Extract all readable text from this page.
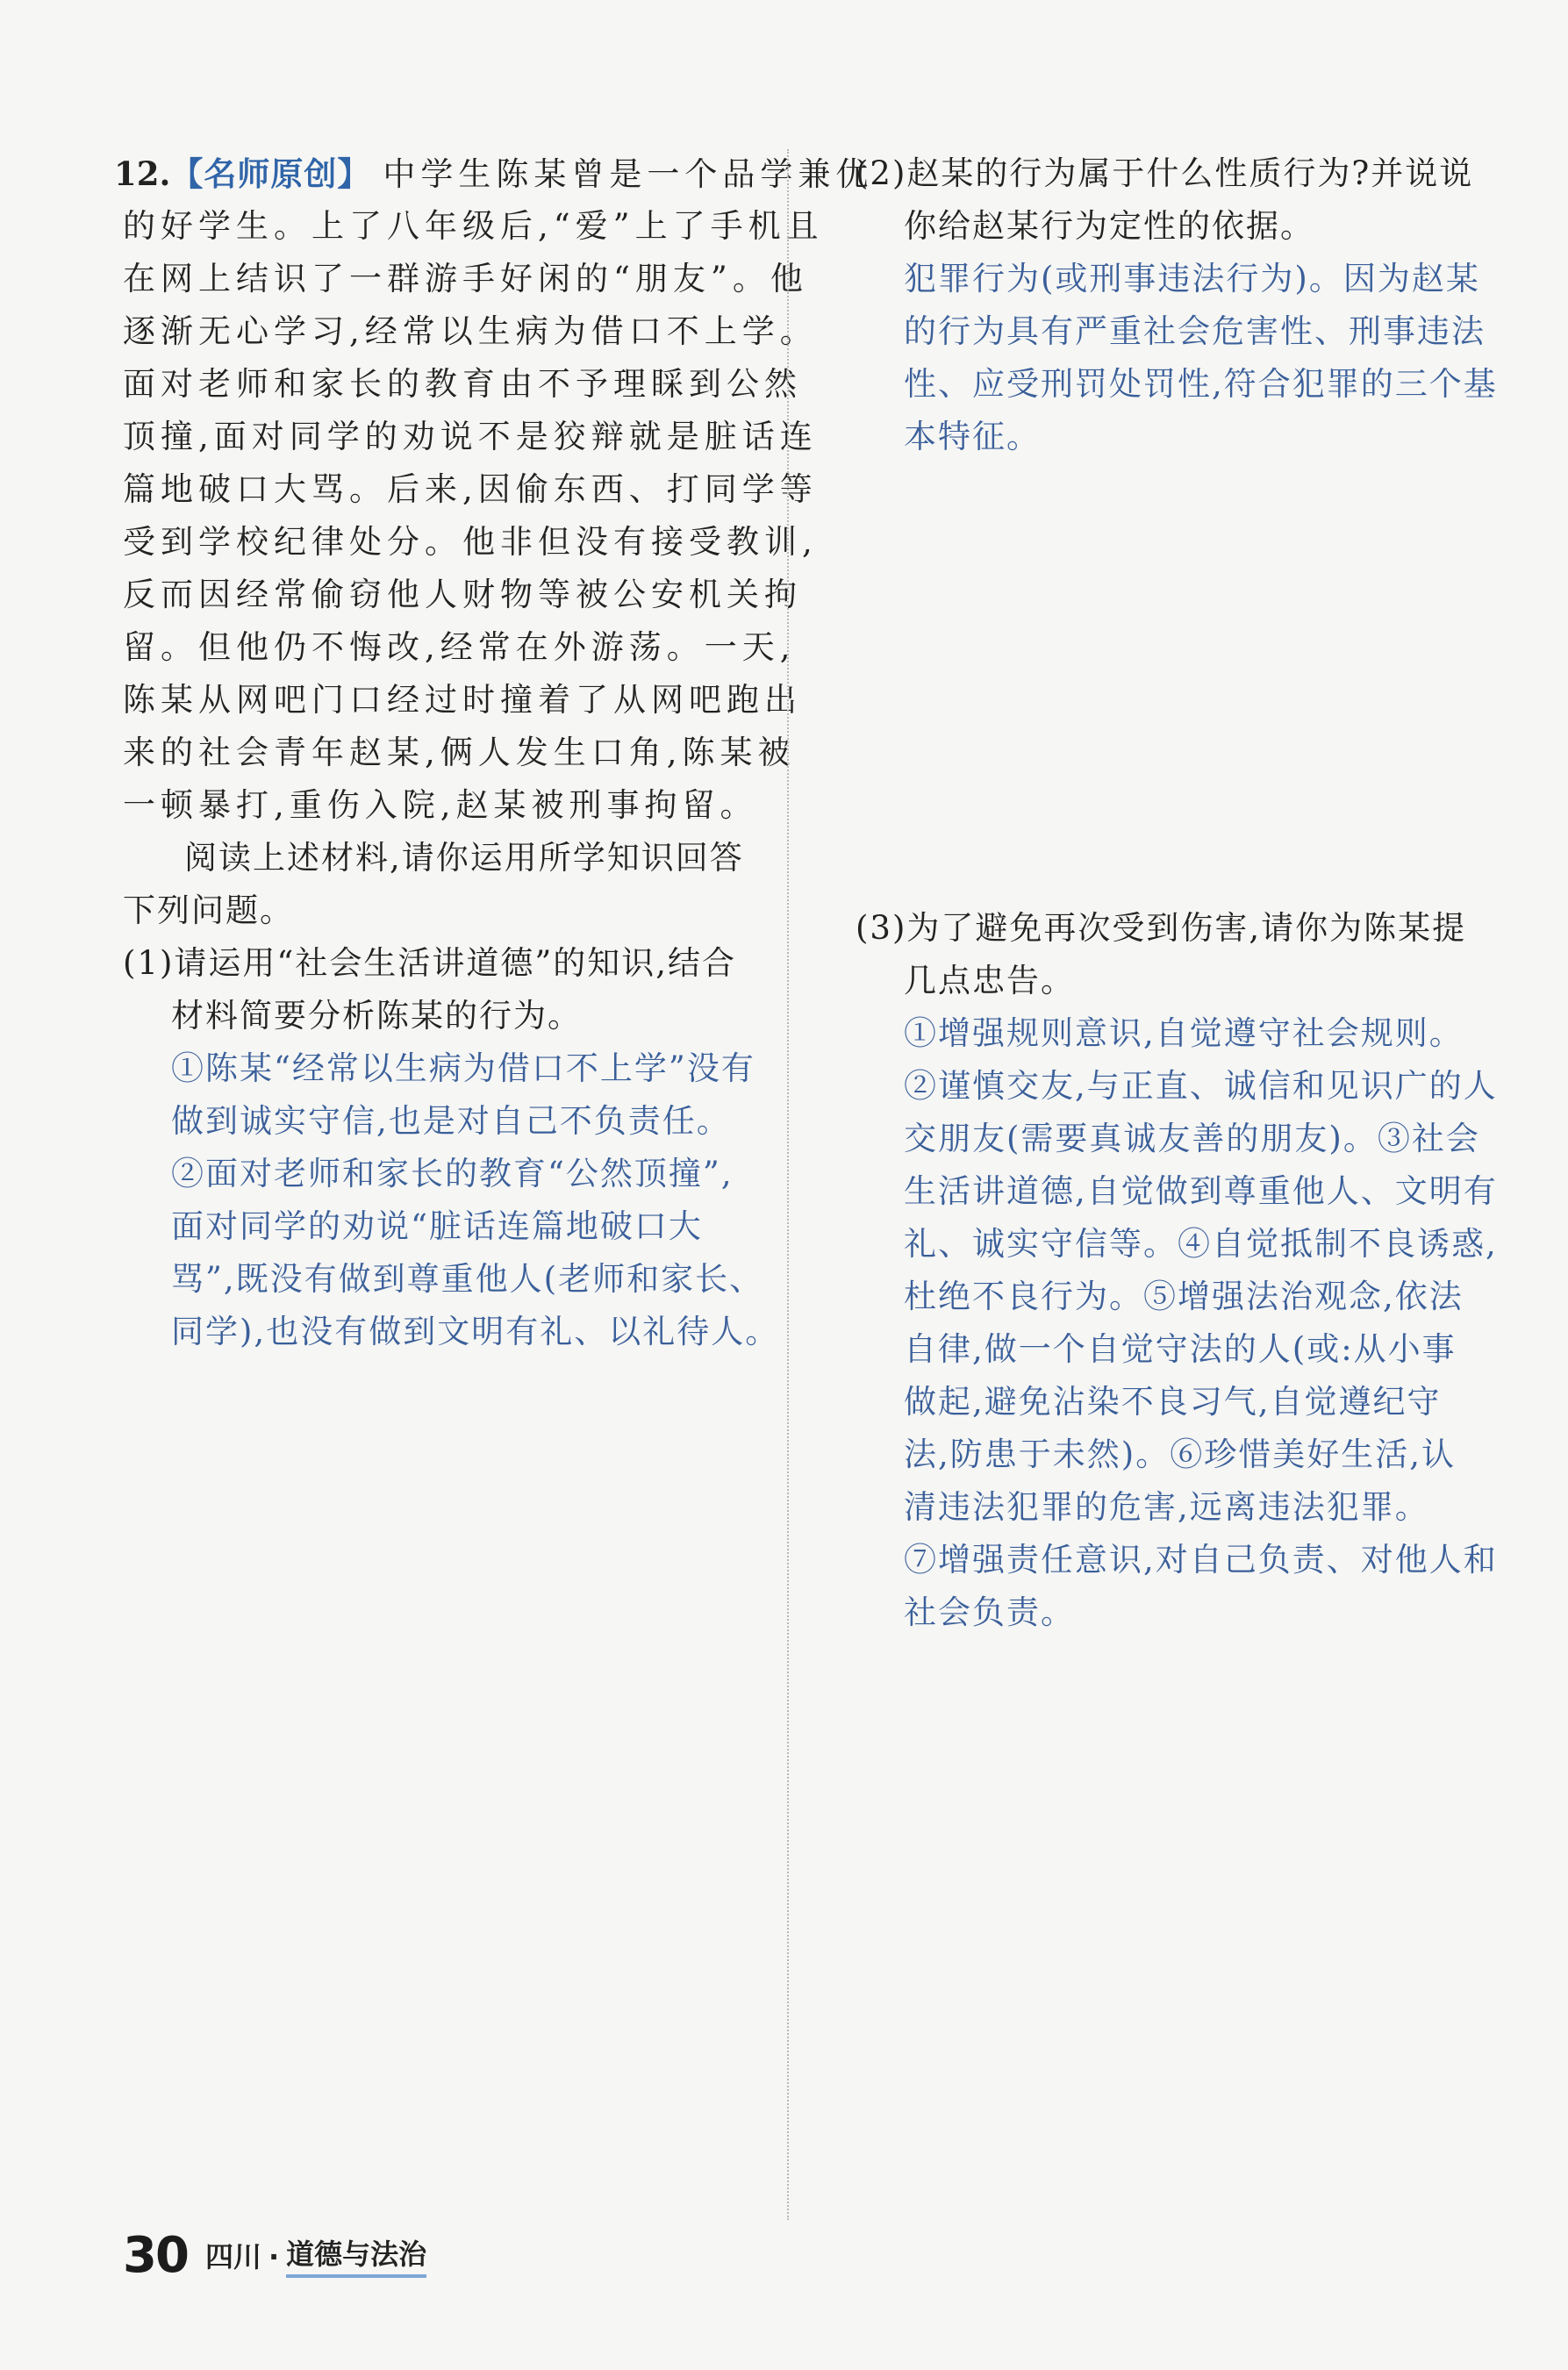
12.【名师原创】 中学生陈某曾是一个品学兼优
的好学生。上了八年级后,“爱”上了手机且
在网上结识了一群游手好闲的“朋友”。他
逐渐无心学习,经常以生病为借口不上学。
面对老师和家长的教育由不予理睬到公然
顶撞,面对同学的劝说不是狡辩就是脏话连
篇地破口大骂。后来,因偷东西、打同学等
受到学校纪律处分。他非但没有接受教训,
反而因经常偷窃他人财物等被公安机关拘
留。但他仍不悔改,经常在外游荡。一天,
陈某从网吧门口经过时撞着了从网吧跑出
来的社会青年赵某,俩人发生口角,陈某被
一顿暴打,重伤入院,赵某被刑事拘留。
阅读上述材料,请你运用所学知识回答
下列问题。
(1)请运用“社会生活讲道德”的知识,结合
材料简要分析陈某的行为。
①陈某“经常以生病为借口不上学”没有
做到诚实守信,也是对自己不负责任。
②面对老师和家长的教育“公然顶撞”,
面对同学的劝说“脏话连篇地破口大
骂”,既没有做到尊重他人(老师和家长、
同学),也没有做到文明有礼、以礼待人。
(2)赵某的行为属于什么性质行为?并说说
你给赵某行为定性的依据。
犯罪行为(或刑事违法行为)。因为赵某
的行为具有严重社会危害性、刑事违法
性、应受刑罚处罚性,符合犯罪的三个基
本特征。
(3)为了避免再次受到伤害,请你为陈某提
几点忠告。
①增强规则意识,自觉遵守社会规则。
②谨慎交友,与正直、诚信和见识广的人
交朋友(需要真诚友善的朋友)。③社会
生活讲道德,自觉做到尊重他人、文明有
礼、诚实守信等。④自觉抵制不良诱惑,
杜绝不良行为。⑤增强法治观念,依法
自律,做一个自觉守法的人(或:从小事
做起,避免沾染不良习气,自觉遵纪守
法,防患于未然)。⑥珍惜美好生活,认
清违法犯罪的危害,远离违法犯罪。
⑦增强责任意识,对自己负责、对他人和
社会负责。
30 四川 · 道德与法治
